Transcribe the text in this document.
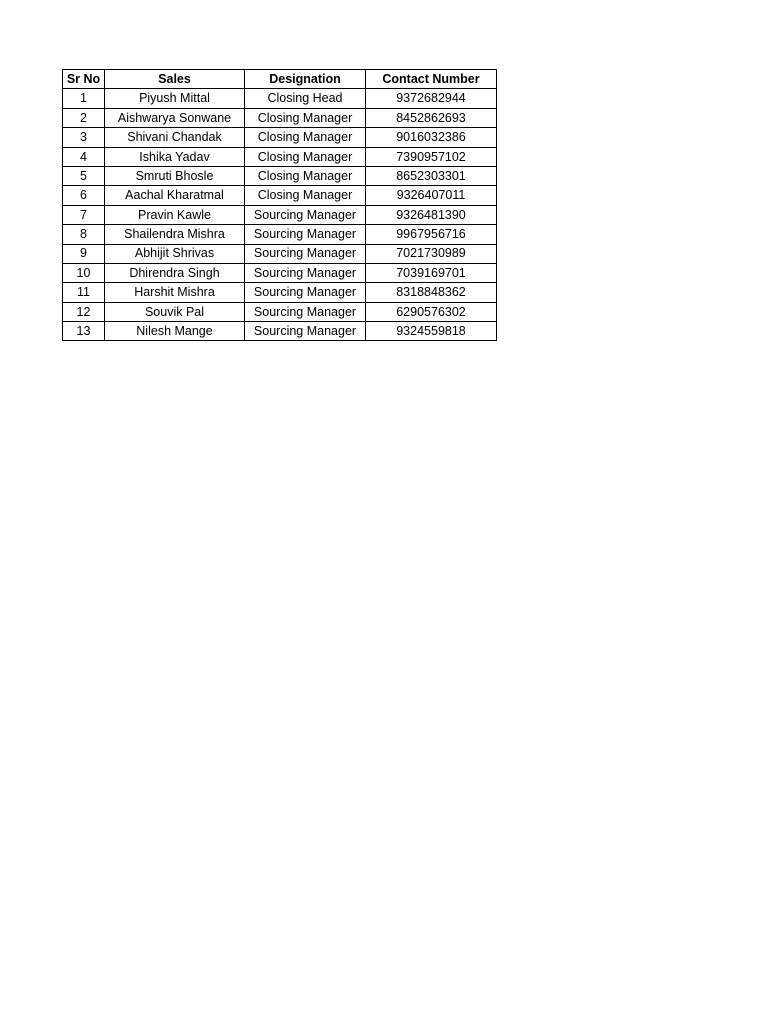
Sr No	Sales	Designation	Contact Number
1	Piyush Mittal	Closing Head	9372682944
2	Aishwarya Sonwane	Closing Manager	8452862693
3	Shivani Chandak	Closing Manager	9016032386
4	Ishika Yadav	Closing Manager	7390957102
5	Smruti Bhosle	Closing Manager	8652303301
6	Aachal Kharatmal	Closing Manager	9326407011
7	Pravin Kawle	Sourcing Manager	9326481390
8	Shailendra Mishra	Sourcing Manager	9967956716
9	Abhijit Shrivas	Sourcing Manager	7021730989
10	Dhirendra Singh	Sourcing Manager	7039169701
11	Harshit Mishra	Sourcing Manager	8318848362
12	Souvik Pal	Sourcing Manager	6290576302
13	Nilesh Mange	Sourcing Manager	9324559818
